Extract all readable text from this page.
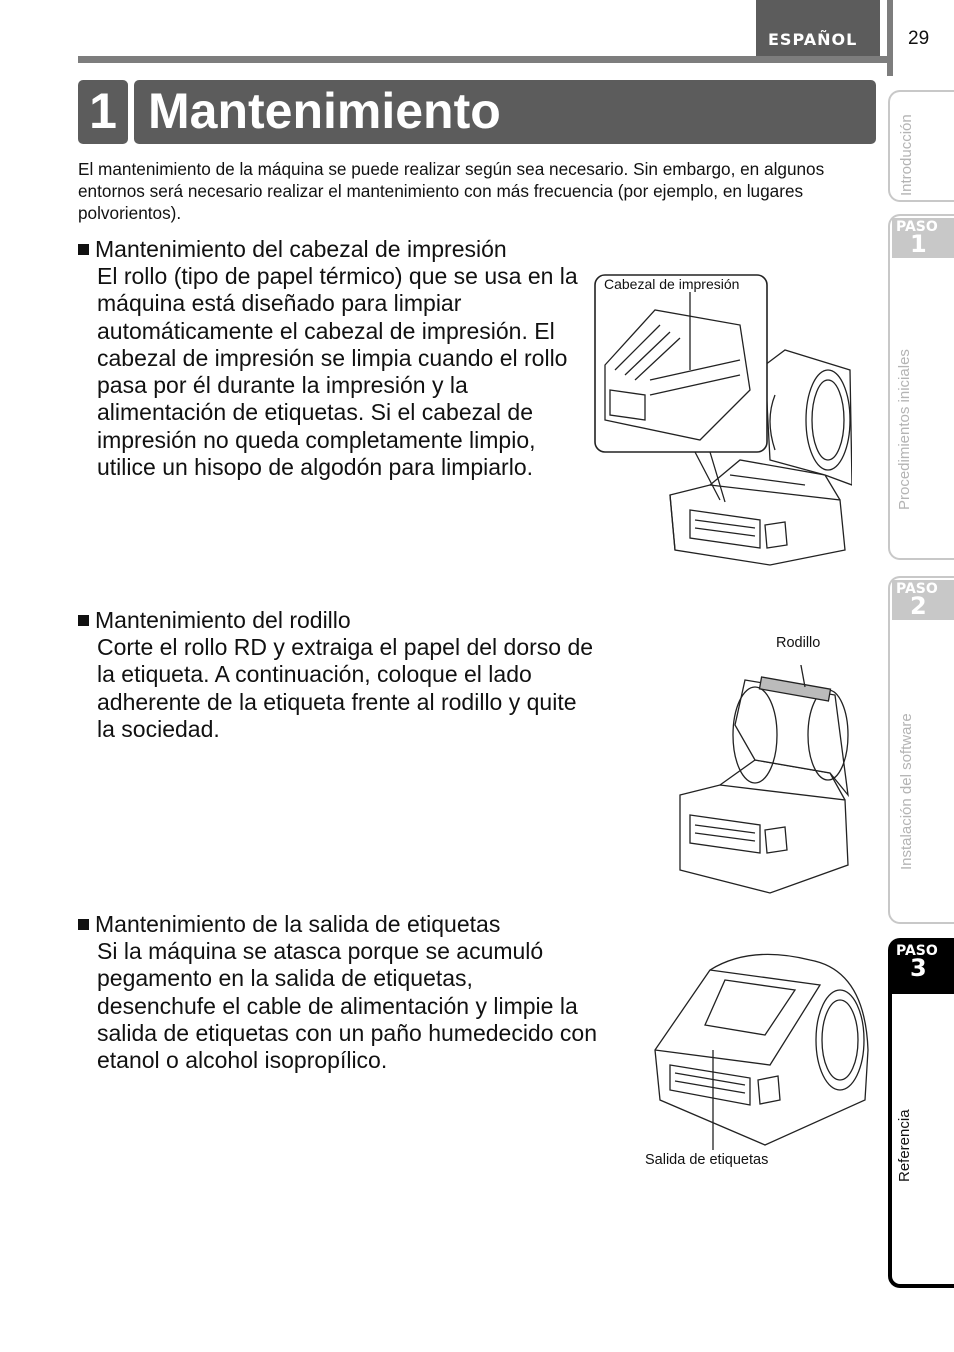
ESPAÑOL	29
1 Mantenimiento
El mantenimiento de la máquina se puede realizar según sea necesario. Sin embargo, en algunos entornos será necesario realizar el mantenimiento con más frecuencia (por ejemplo, en lugares polvorientos).
Mantenimiento del cabezal de impresión

El rollo (tipo de papel térmico) que se usa en la máquina está diseñado para limpiar automáticamente el cabezal de impresión. El cabezal de impresión se limpia cuando el rollo pasa por él durante la impresión y la alimentación de etiquetas. Si el cabezal de impresión no queda completamente limpio, utilice un hisopo de algodón para limpiarlo.

Mantenimiento del rodillo

Corte el rollo RD y extraiga el papel del dorso de la etiqueta. A continuación, coloque el lado adherente de la etiqueta frente al rodillo y quite la sociedad.

Mantenimiento de la salida de etiquetas

Si la máquina se atasca porque se acumuló pegamento en la salida de etiquetas, desenchufe el cable de alimentación y limpie la salida de etiquetas con un paño humedecido con etanol o alcohol isopropílico.

Cabezal de impresión
Rodillo
Salida de etiquetas
Introducción
PASO
1
Procedimientos iniciales
PASO
2
Instalación del software
PASO
3
Referencia
